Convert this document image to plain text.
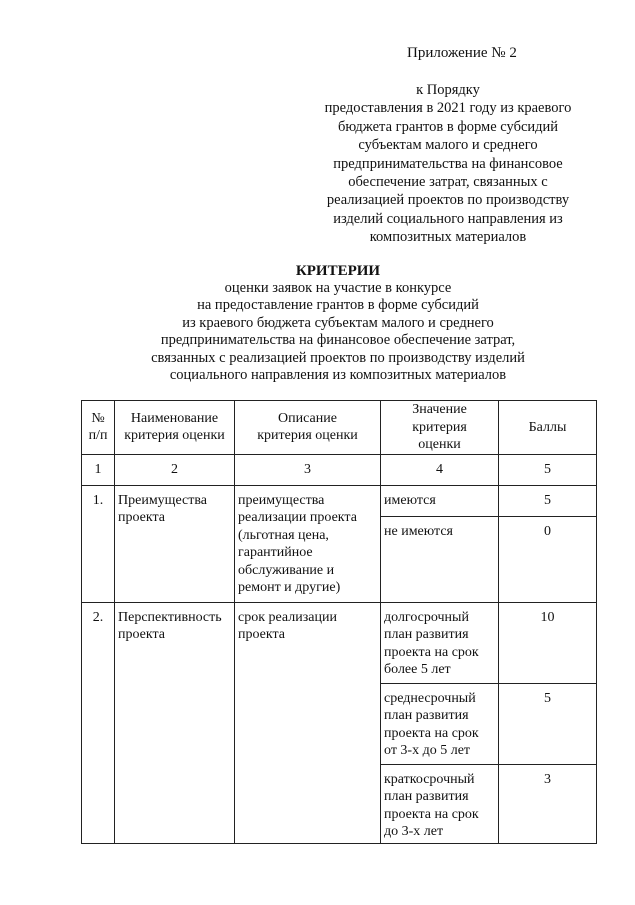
Приложение № 2
к Порядку
предоставления в 2021 году из краевого
бюджета грантов в форме субсидий
субъектам малого и среднего
предпринимательства на финансовое
обеспечение затрат, связанных с
реализацией проектов по производству
изделий социального направления из
композитных материалов
КРИТЕРИИ
оценки заявок на участие в конкурсе
на предоставление грантов в форме субсидий
из краевого бюджета субъектам малого и среднего
предпринимательства на финансовое обеспечение затрат,
связанных с реализацией проектов по производству изделий
социального направления из композитных материалов
№ п/п	Наименование критерия оценки	Описание критерия оценки	Значение критерия оценки	Баллы
1	2	3	4	5
1.	Преимущества проекта	преимущества реализации проекта (льготная цена, гарантийное обслуживание и ремонт и другие)	имеются	5
			не имеются	0
2.	Перспективность проекта	срок реализации проекта	долгосрочный план развития проекта на срок более 5 лет	10
			среднесрочный план развития проекта на срок от 3-х до 5 лет	5
			краткосрочный план развития проекта на срок до 3-х лет	3
